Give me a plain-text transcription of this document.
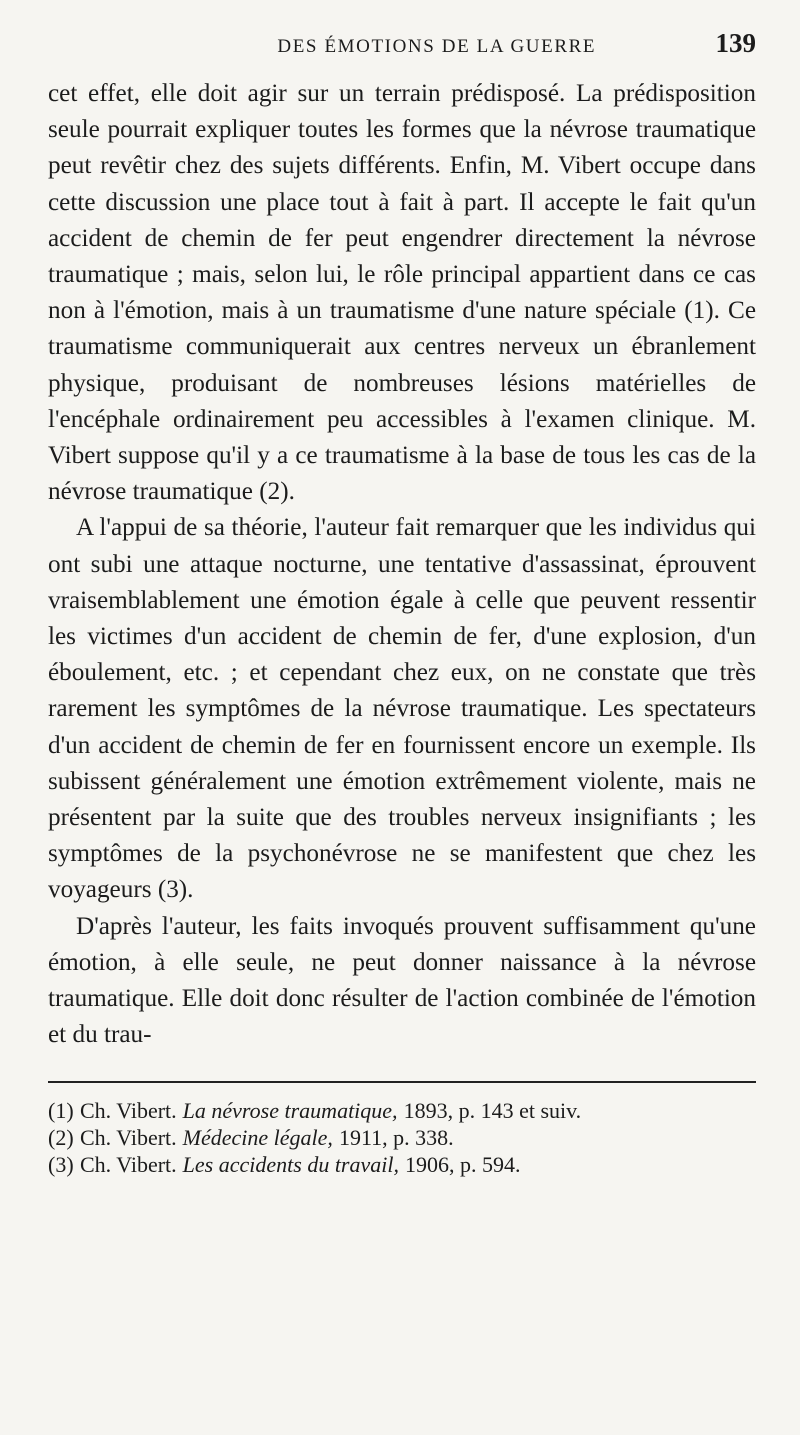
DES ÉMOTIONS DE LA GUERRE	139

cet effet, elle doit agir sur un terrain prédisposé. La prédisposition seule pourrait expliquer toutes les formes que la névrose traumatique peut revêtir chez des sujets différents. Enfin, M. Vibert occupe dans cette discussion une place tout à fait à part. Il accepte le fait qu'un accident de chemin de fer peut engendrer directement la névrose traumatique ; mais, selon lui, le rôle principal appartient dans ce cas non à l'émotion, mais à un traumatisme d'une nature spéciale (1). Ce traumatisme communiquerait aux centres nerveux un ébranlement physique, produisant de nombreuses lésions matérielles de l'encéphale ordinairement peu accessibles à l'examen clinique. M. Vibert suppose qu'il y a ce traumatisme à la base de tous les cas de la névrose traumatique (2).

A l'appui de sa théorie, l'auteur fait remarquer que les individus qui ont subi une attaque nocturne, une tentative d'assassinat, éprouvent vraisemblablement une émotion égale à celle que peuvent ressentir les victimes d'un accident de chemin de fer, d'une explosion, d'un éboulement, etc. ; et cependant chez eux, on ne constate que très rarement les symptômes de la névrose traumatique. Les spectateurs d'un accident de chemin de fer en fournissent encore un exemple. Ils subissent généralement une émotion extrêmement violente, mais ne présentent par la suite que des troubles nerveux insignifiants ; les symptômes de la psychonévrose ne se manifestent que chez les voyageurs (3).

D'après l'auteur, les faits invoqués prouvent suffisamment qu'une émotion, à elle seule, ne peut donner naissance à la névrose traumatique. Elle doit donc résulter de l'action combinée de l'émotion et du trau-

(1) Ch. Vibert. La névrose traumatique, 1893, p. 143 et suiv.
(2) Ch. Vibert. Médecine légale, 1911, p. 338.
(3) Ch. Vibert. Les accidents du travail, 1906, p. 594.
